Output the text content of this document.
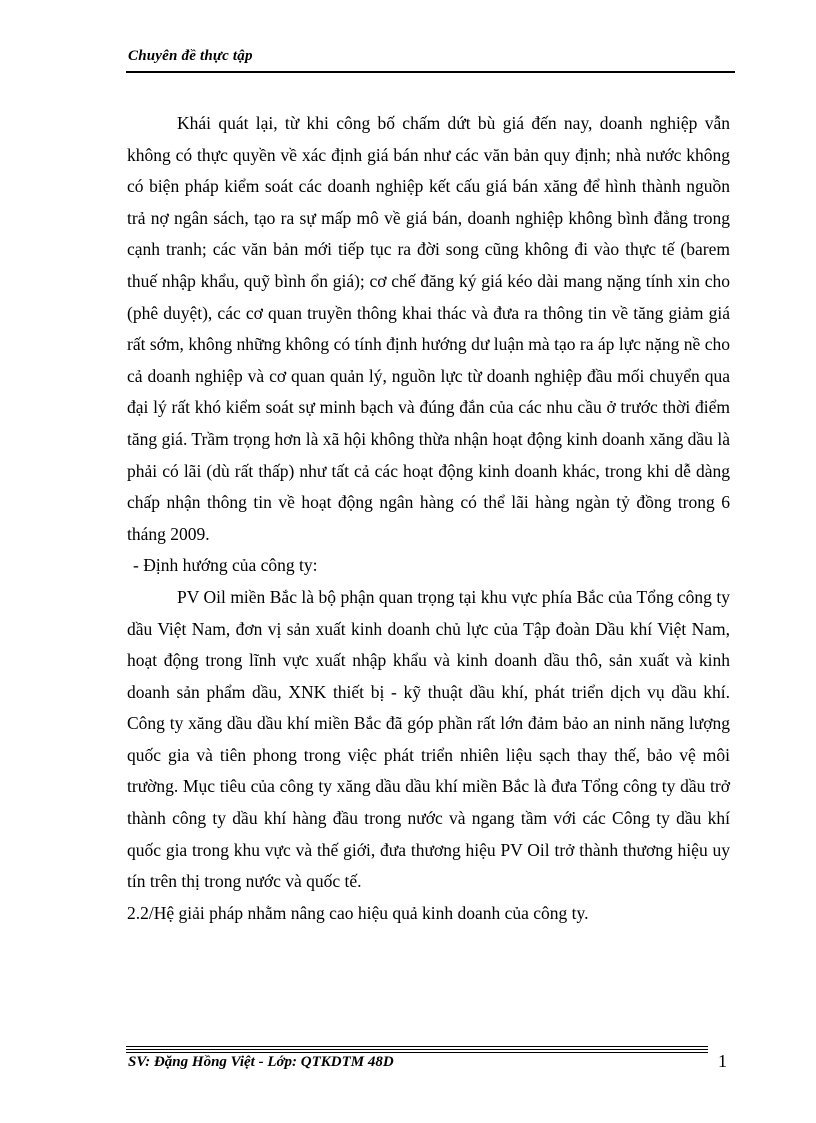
Chuyên đề thực tập

Khái quát lại, từ khi công bố chấm dứt bù giá đến nay, doanh nghiệp vẫn không có thực quyền về xác định giá bán như các văn bản quy định; nhà nước không có biện pháp kiểm soát các doanh nghiệp kết cấu giá bán xăng để hình thành nguồn trả nợ ngân sách, tạo ra sự mấp mô về giá bán, doanh nghiệp không bình đẳng trong cạnh tranh; các văn bản mới tiếp tục ra đời song cũng không đi vào thực tế (barem thuế nhập khẩu, quỹ bình ổn giá); cơ chế đăng ký giá kéo dài mang nặng tính xin cho (phê duyệt), các cơ quan truyền thông khai thác và đưa ra thông tin về tăng giảm giá rất sớm, không những không có tính định hướng dư luận mà tạo ra áp lực nặng nề cho cả doanh nghiệp và cơ quan quản lý, nguồn lực từ doanh nghiệp đầu mối chuyển qua đại lý rất khó kiểm soát sự minh bạch và đúng đắn của các nhu cầu ở trước thời điểm tăng giá. Trầm trọng hơn là xã hội không thừa nhận hoạt động kinh doanh xăng dầu là phải có lãi (dù rất thấp) như tất cả các hoạt động kinh doanh khác, trong khi dễ dàng chấp nhận thông tin về hoạt động ngân hàng có thể lãi hàng ngàn tỷ đồng trong 6 tháng 2009.

- Định hướng của công ty:

PV Oil miền Bắc là bộ phận quan trọng tại khu vực phía Bắc của Tổng công ty dầu Việt Nam, đơn vị sản xuất kinh doanh chủ lực của Tập đoàn Dầu khí Việt Nam, hoạt động trong lĩnh vực xuất nhập khẩu và kinh doanh dầu thô, sản xuất và kinh doanh sản phẩm dầu, XNK thiết bị - kỹ thuật dầu khí, phát triển dịch vụ dầu khí. Công ty xăng dầu dầu khí miền Bắc đã góp phần rất lớn đảm bảo an ninh năng lượng quốc gia và tiên phong trong việc phát triển nhiên liệu sạch thay thế, bảo vệ môi trường. Mục tiêu của công ty xăng dầu dầu khí miền Bắc là đưa Tổng công ty dầu trở thành công ty dầu khí hàng đầu trong nước và ngang tầm với các Công ty dầu khí quốc gia trong khu vực và thế giới, đưa thương hiệu PV Oil trở thành thương hiệu uy tín trên thị trong nước và quốc tế.

2.2/Hệ giải pháp nhằm nâng cao hiệu quả kinh doanh của công ty.

SV: Đặng Hồng Việt - Lớp: QTKDTM 48D	1
